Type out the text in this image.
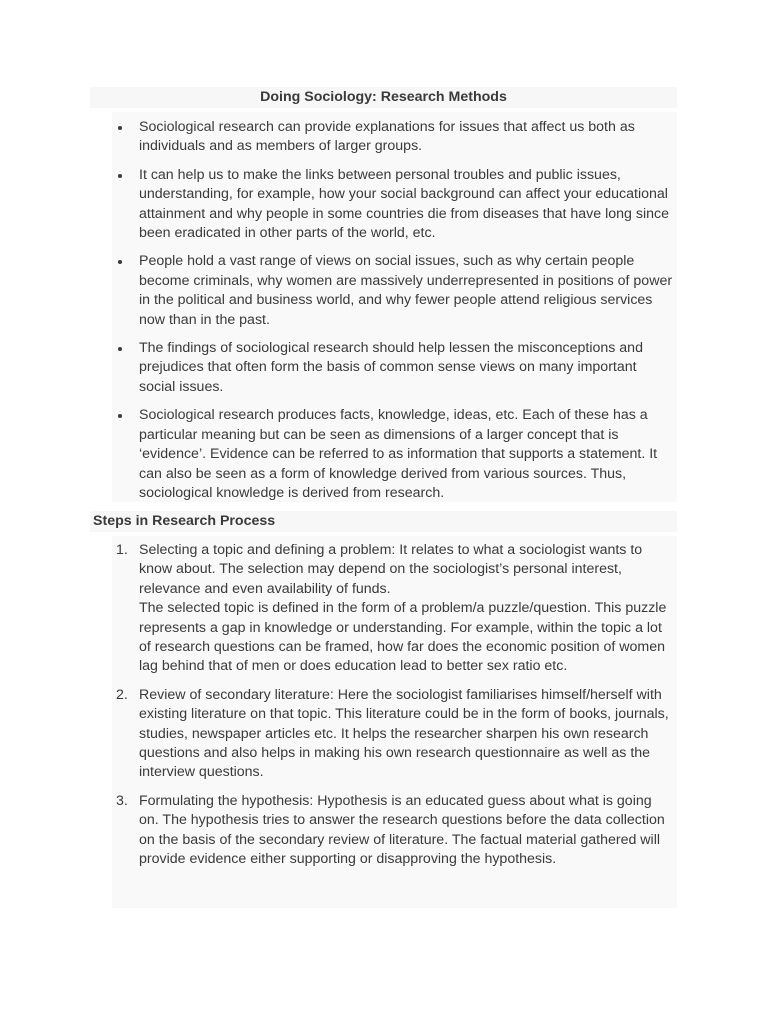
Doing Sociology: Research Methods
Sociological research can provide explanations for issues that affect us both as individuals and as members of larger groups.
It can help us to make the links between personal troubles and public issues, understanding, for example, how your social background can affect your educational attainment and why people in some countries die from diseases that have long since been eradicated in other parts of the world, etc.
People hold a vast range of views on social issues, such as why certain people become criminals, why women are massively underrepresented in positions of power in the political and business world, and why fewer people attend religious services now than in the past.
The findings of sociological research should help lessen the misconceptions and prejudices that often form the basis of common sense views on many important social issues.
Sociological research produces facts, knowledge, ideas, etc. Each of these has a particular meaning but can be seen as dimensions of a larger concept that is ‘evidence’. Evidence can be referred to as information that supports a statement. It can also be seen as a form of knowledge derived from various sources. Thus, sociological knowledge is derived from research.
Steps in Research Process
1. Selecting a topic and defining a problem: It relates to what a sociologist wants to know about. The selection may depend on the sociologist’s personal interest, relevance and even availability of funds.
The selected topic is defined in the form of a problem/a puzzle/question. This puzzle represents a gap in knowledge or understanding. For example, within the topic a lot of research questions can be framed, how far does the economic position of women lag behind that of men or does education lead to better sex ratio etc.
2. Review of secondary literature: Here the sociologist familiarises himself/herself with existing literature on that topic. This literature could be in the form of books, journals, studies, newspaper articles etc. It helps the researcher sharpen his own research questions and also helps in making his own research questionnaire as well as the interview questions.
3. Formulating the hypothesis: Hypothesis is an educated guess about what is going on. The hypothesis tries to answer the research questions before the data collection on the basis of the secondary review of literature. The factual material gathered will provide evidence either supporting or disapproving the hypothesis.
